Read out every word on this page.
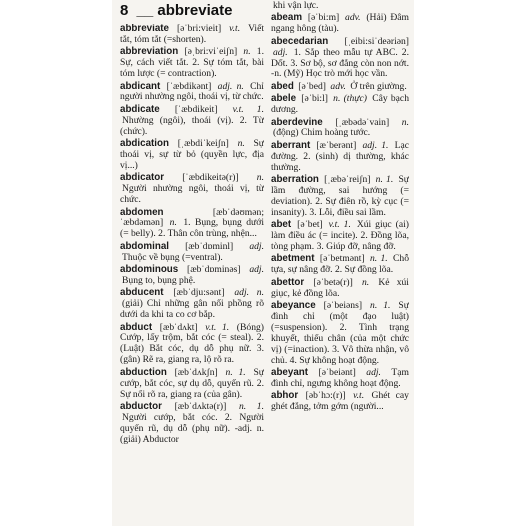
8 __ abbreviate
abbreviate [əˈbri:vieit] v.t. Viết tắt, tóm tắt (=shorten).
abbreviation [əˌbri:viˈeiʃn] n. 1. Sự, cách viết tắt. 2. Sự tóm tắt, bài tóm lược (= contraction).
abdicant [ˈæbdikənt] adj. n. Chỉ người nhường ngôi, thoái vị, từ chức.
abdicate [ˈæbdikeit] v.t. 1. Nhường (ngôi), thoái (vị). 2. Từ (chức).
abdication [ˌæbdiˈkeiʃn] n. Sự thoái vị, sự từ bỏ (quyền lực, địa vị...)
abdicator [ˈæbdikeitə(r)] n. Người nhường ngôi, thoái vị, từ chức.
abdomen	[æbˈdəʊmən; ˈæbdəmən] n. 1. Bụng, bụng dưới (= belly). 2. Thân côn trùng, nhện...
abdominal [æbˈdɒminl] adj. Thuộc về bụng (=ventral).
abdominous [æbˈdɒminəs] adj. Bụng to, bụng phệ.
abducent [æbˈdju:sənt] adj. n. (giải) Chỉ những gân nối phồng rõ dưới da khi ta co cơ bắp.
abduct [æbˈdʌkt] v.t. 1. (Bóng) Cướp, lấy trộm, bắt cóc (= steal). 2. (Luật) Bắt cóc, dụ dỗ phụ nữ. 3. (gân) Rẽ ra, giang ra, lộ rõ ra.
abduction [æbˈdʌkʃn] n. 1. Sự cướp, bắt cóc, sự dụ dỗ, quyến rũ. 2. Sự nổi rõ ra, giang ra (của gân).
abductor [æbˈdʌktə(r)] n. 1. Người cướp, bắt cóc. 2. Người quyến rũ, dụ dỗ (phụ nữ). -adj. n. (giải) Abductor
khi vận lực.
abeam [əˈbi:m] adv. (Hải) Đâm ngang hông (tàu).
abecedarian [ˌeibi:siˈdeəriən] adj. 1. Sắp theo mẫu tự ABC. 2. Dốt. 3. Sơ bộ, sơ đẳng còn non nớt. -n. (Mỹ) Học trò mới học vần.
abed [əˈbed] adv. Ở trên giường.
abele [əˈbi:l] n. (thực) Cây bạch dương.
aberdevine [ˌæbədəˈvain] n. (động) Chim hoàng tước.
aberrant [æˈberənt] adj. 1. Lạc đường. 2. (sinh) dị thường, khác thường.
aberration [ˌæbəˈreiʃn] n. 1. Sự lầm đường, sai hướng (= deviation). 2. Sự điên rồ, kỳ cục (= insanity). 3. Lỗi, điều sai lầm.
abet [əˈbet] v.t. 1. Xúi giục (ai) làm điều ác (= incite). 2. Đồng lõa, tòng phạm. 3. Giúp đỡ, nâng đỡ.
abetment [əˈbetmənt] n. 1. Chỗ tựa, sự nâng đỡ. 2. Sự đồng lõa.
abettor [əˈbetə(r)] n. Kẻ xúi giục, kẻ đồng lõa.
abeyance [əˈbeiəns] n. 1. Sự đình chỉ (một đạo luật) (=suspension). 2. Tình trạng khuyết, thiếu chân (của một chức vị) (=inaction). 3. Vô thừa nhận, vô chủ. 4. Sự không hoạt động.
abeyant [əˈbeiənt] adj. Tạm đình chỉ, ngưng không hoạt động.
abhor [əbˈhɔ:(r)] v.t. Ghét cay ghét đắng, tởm gớm (người...
